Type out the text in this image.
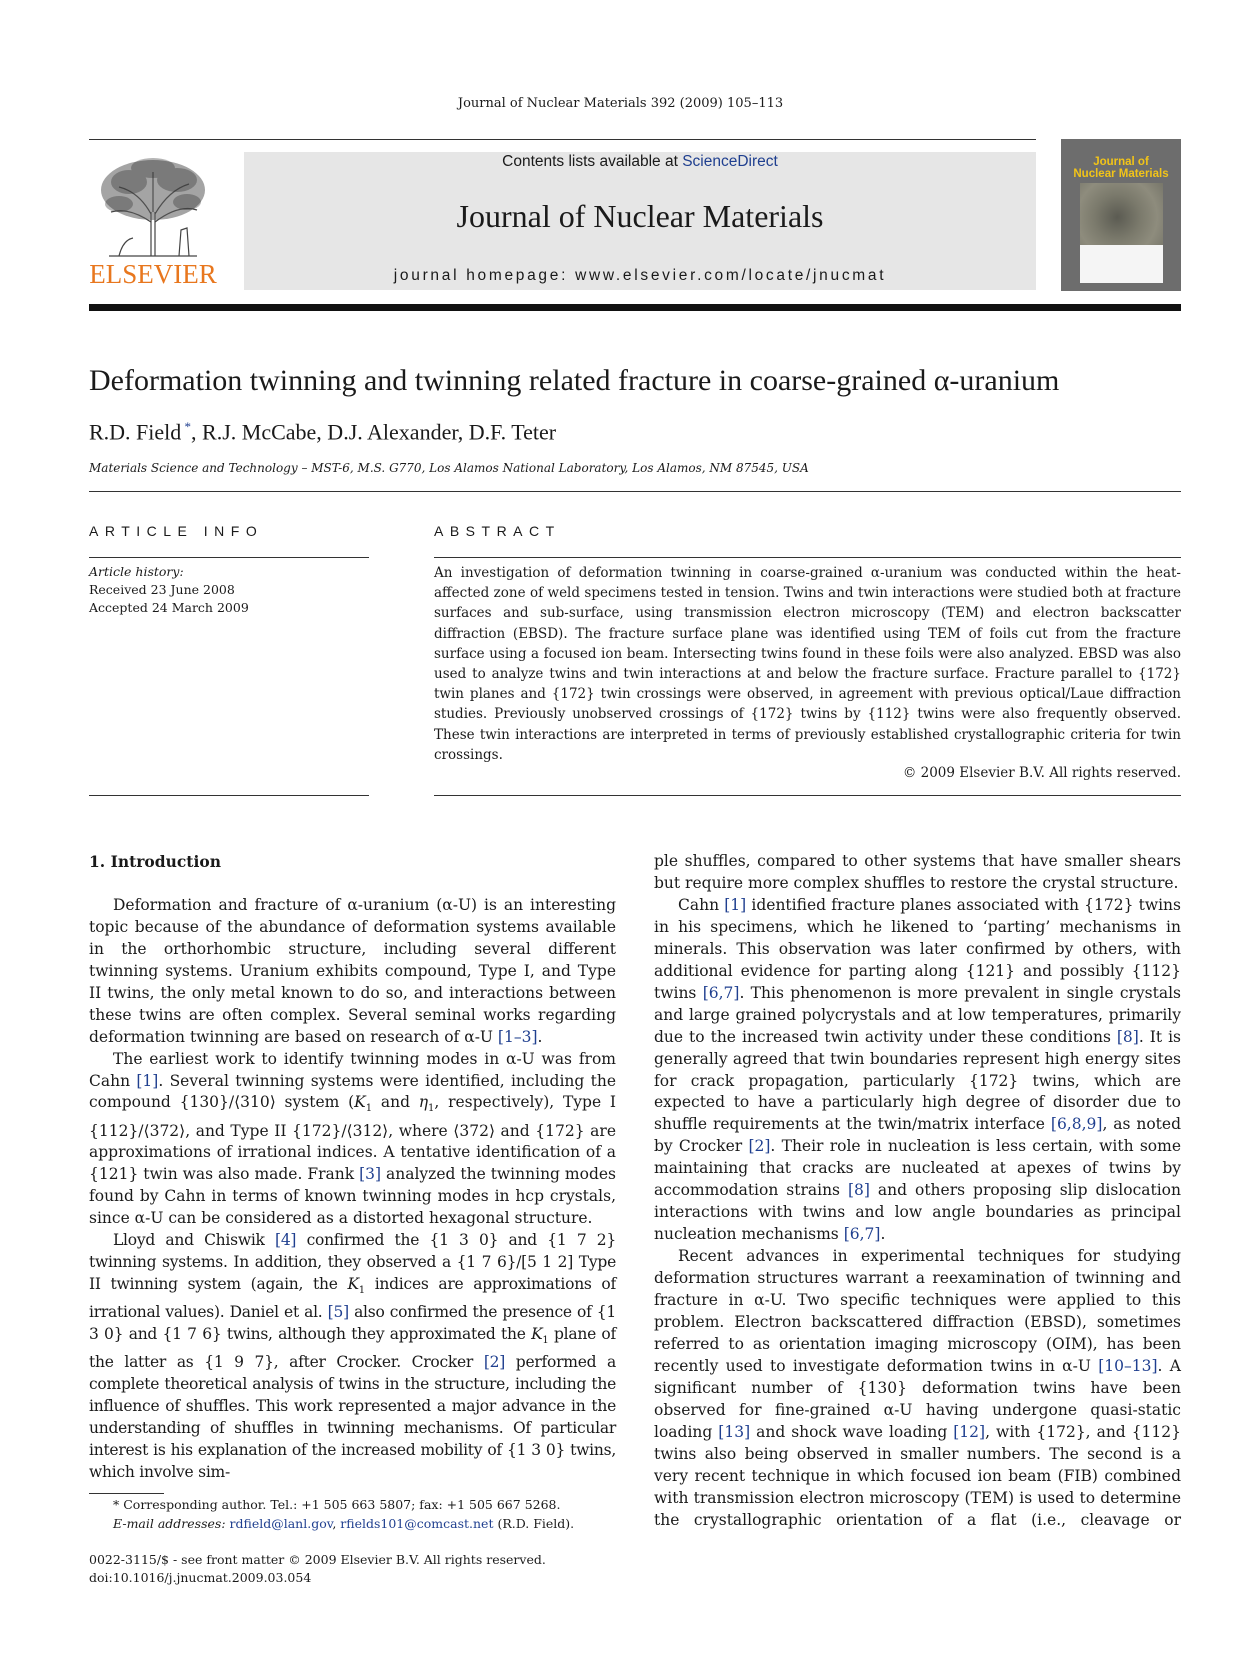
Journal of Nuclear Materials 392 (2009) 105–113
ELSEVIER
Contents lists available at ScienceDirect
Journal of Nuclear Materials
journal homepage: www.elsevier.com/locate/jnucmat
Journal of
Nuclear Materials
Deformation twinning and twinning related fracture in coarse-grained α-uranium
R.D. Field *, R.J. McCabe, D.J. Alexander, D.F. Teter
Materials Science and Technology – MST-6, M.S. G770, Los Alamos National Laboratory, Los Alamos, NM 87545, USA
ARTICLE INFO	ABSTRACT
Article history:
Received 23 June 2008
Accepted 24 March 2009
An investigation of deformation twinning in coarse-grained α-uranium was conducted within the heat-affected zone of weld specimens tested in tension. Twins and twin interactions were studied both at fracture surfaces and sub-surface, using transmission electron microscopy (TEM) and electron backscatter diffraction (EBSD). The fracture surface plane was identified using TEM of foils cut from the fracture surface using a focused ion beam. Intersecting twins found in these foils were also analyzed. EBSD was also used to analyze twins and twin interactions at and below the fracture surface. Fracture parallel to {172} twin planes and {172} twin crossings were observed, in agreement with previous optical/Laue diffraction studies. Previously unobserved crossings of {172} twins by {112} twins were also frequently observed. These twin interactions are interpreted in terms of previously established crystallographic criteria for twin crossings.
© 2009 Elsevier B.V. All rights reserved.

1. Introduction

Deformation and fracture of α-uranium (α-U) is an interesting topic because of the abundance of deformation systems available in the orthorhombic structure, including several different twinning systems. Uranium exhibits compound, Type I, and Type II twins, the only metal known to do so, and interactions between these twins are often complex. Several seminal works regarding deformation twinning are based on research of α-U [1–3].

The earliest work to identify twinning modes in α-U was from Cahn [1]. Several twinning systems were identified, including the compound {130}/⟨310⟩ system ($K_1$ and $\eta_1$, respectively), Type I {112}/⟨372⟩, and Type II {172}/⟨312⟩, where ⟨372⟩ and {172} are approximations of irrational indices. A tentative identification of a {121} twin was also made. Frank [3] analyzed the twinning modes found by Cahn in terms of known twinning modes in hcp crystals, since α-U can be considered as a distorted hexagonal structure.

Lloyd and Chiswik [4] confirmed the {1 3 0} and {1 7 2} twinning systems. In addition, they observed a {1 7 6}/[5 1 2] Type II twinning system (again, the $K_1$ indices are approximations of irrational values). Daniel et al. [5] also confirmed the presence of {1 3 0} and {1 7 6} twins, although they approximated the $K_1$ plane of the latter as {1 9 7}, after Crocker. Crocker [2] performed a complete theoretical analysis of twins in the structure, including the influence of shuffles. This work represented a major advance in the understanding of shuffles in twinning mechanisms. Of particular interest is his explanation of the increased mobility of {1 3 0} twins, which involve sim-

ple shuffles, compared to other systems that have smaller shears but require more complex shuffles to restore the crystal structure.

Cahn [1] identified fracture planes associated with {172} twins in his specimens, which he likened to ‘parting’ mechanisms in minerals. This observation was later confirmed by others, with additional evidence for parting along {121} and possibly {112} twins [6,7]. This phenomenon is more prevalent in single crystals and large grained polycrystals and at low temperatures, primarily due to the increased twin activity under these conditions [8]. It is generally agreed that twin boundaries represent high energy sites for crack propagation, particularly {172} twins, which are expected to have a particularly high degree of disorder due to shuffle requirements at the twin/matrix interface [6,8,9], as noted by Crocker [2]. Their role in nucleation is less certain, with some maintaining that cracks are nucleated at apexes of twins by accommodation strains [8] and others proposing slip dislocation interactions with twins and low angle boundaries as principal nucleation mechanisms [6,7].

Recent advances in experimental techniques for studying deformation structures warrant a reexamination of twinning and fracture in α-U. Two specific techniques were applied to this problem. Electron backscattered diffraction (EBSD), sometimes referred to as orientation imaging microscopy (OIM), has been recently used to investigate deformation twins in α-U [10–13]. A significant number of {130} deformation twins have been observed for fine-grained α-U having undergone quasi-static loading [13] and shock wave loading [12], with {172}, and {112} twins also being observed in smaller numbers. The second is a very recent technique in which focused ion beam (FIB) combined with transmission electron microscopy (TEM) is used to determine the crystallographic orientation of a flat (i.e., cleavage or

* Corresponding author. Tel.: +1 505 663 5807; fax: +1 505 667 5268.
E-mail addresses: rdfield@lanl.gov, rfields101@comcast.net (R.D. Field).
0022-3115/$ - see front matter © 2009 Elsevier B.V. All rights reserved.
doi:10.1016/j.jnucmat.2009.03.054
